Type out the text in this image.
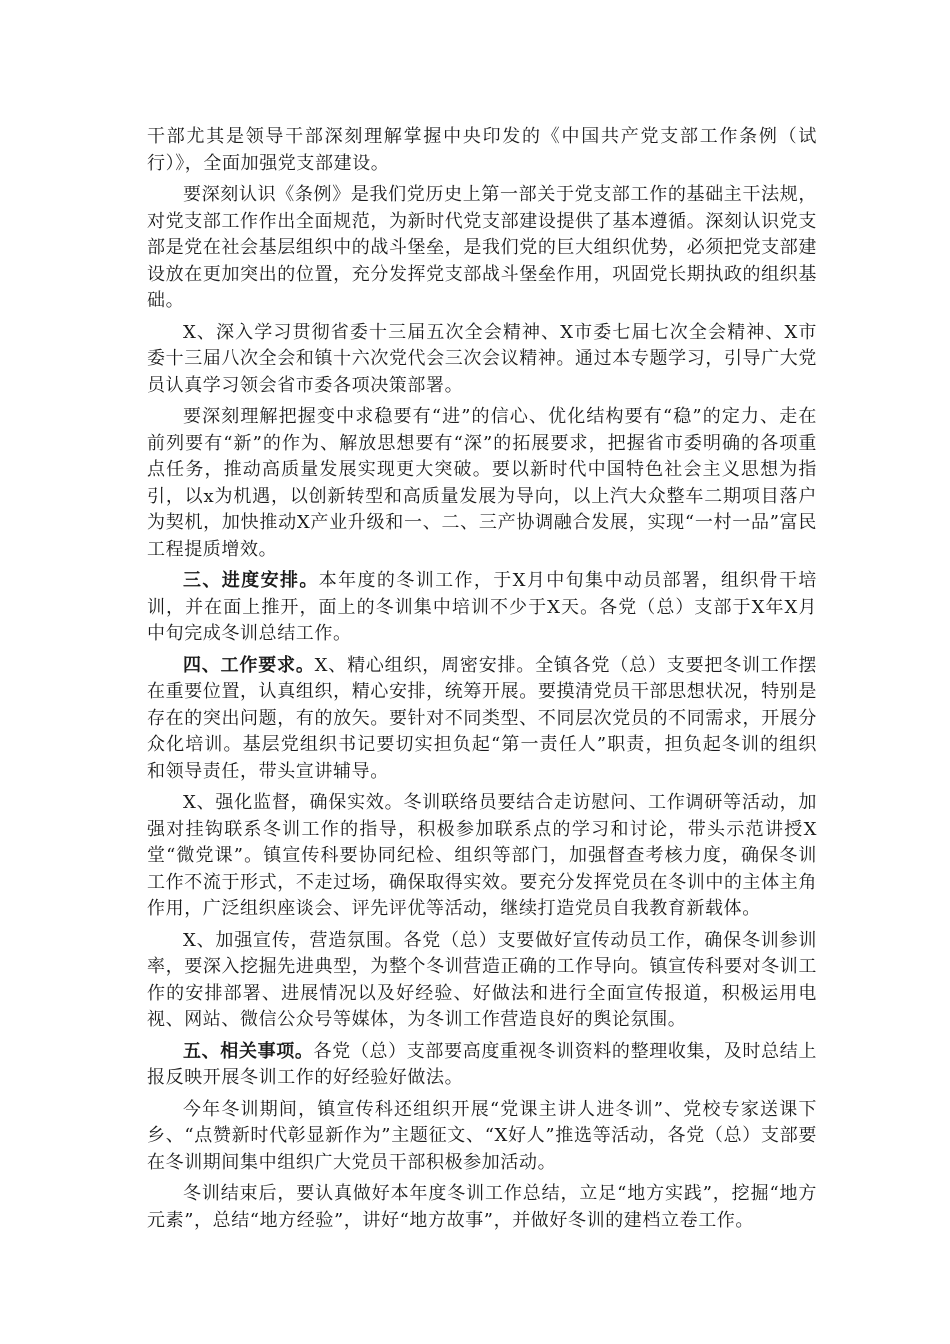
干部尤其是领导干部深刻理解掌握中央印发的《中国共产党支部工作条例（试行）》，全面加强党支部建设。

要深刻认识《条例》是我们党历史上第一部关于党支部工作的基础主干法规，对党支部工作作出全面规范，为新时代党支部建设提供了基本遵循。深刻认识党支部是党在社会基层组织中的战斗堡垒，是我们党的巨大组织优势，必须把党支部建设放在更加突出的位置，充分发挥党支部战斗堡垒作用，巩固党长期执政的组织基础。

X、深入学习贯彻省委十三届五次全会精神、X市委七届七次全会精神、X市委十三届八次全会和镇十六次党代会三次会议精神。通过本专题学习，引导广大党员认真学习领会省市委各项决策部署。

要深刻理解把握变中求稳要有“进”的信心、优化结构要有“稳”的定力、走在前列要有“新”的作为、解放思想要有“深”的拓展要求，把握省市委明确的各项重点任务，推动高质量发展实现更大突破。要以新时代中国特色社会主义思想为指引，以x为机遇，以创新转型和高质量发展为导向，以上汽大众整车二期项目落户为契机，加快推动X产业升级和一、二、三产协调融合发展，实现“一村一品”富民工程提质增效。

三、进度安排。本年度的冬训工作，于X月中旬集中动员部署，组织骨干培训，并在面上推开，面上的冬训集中培训不少于X天。各党（总）支部于X年X月中旬完成冬训总结工作。

四、工作要求。X、精心组织，周密安排。全镇各党（总）支要把冬训工作摆在重要位置，认真组织，精心安排，统筹开展。要摸清党员干部思想状况，特别是存在的突出问题，有的放矢。要针对不同类型、不同层次党员的不同需求，开展分众化培训。基层党组织书记要切实担负起“第一责任人”职责，担负起冬训的组织和领导责任，带头宣讲辅导。

X、强化监督，确保实效。冬训联络员要结合走访慰问、工作调研等活动，加强对挂钩联系冬训工作的指导，积极参加联系点的学习和讨论，带头示范讲授X堂“微党课”。镇宣传科要协同纪检、组织等部门，加强督查考核力度，确保冬训工作不流于形式，不走过场，确保取得实效。要充分发挥党员在冬训中的主体主角作用，广泛组织座谈会、评先评优等活动，继续打造党员自我教育新载体。

X、加强宣传，营造氛围。各党（总）支要做好宣传动员工作，确保冬训参训率，要深入挖掘先进典型，为整个冬训营造正确的工作导向。镇宣传科要对冬训工作的安排部署、进展情况以及好经验、好做法和进行全面宣传报道，积极运用电视、网站、微信公众号等媒体，为冬训工作营造良好的舆论氛围。

五、相关事项。各党（总）支部要高度重视冬训资料的整理收集，及时总结上报反映开展冬训工作的好经验好做法。

今年冬训期间，镇宣传科还组织开展“党课主讲人进冬训”、党校专家送课下乡、“点赞新时代彰显新作为”主题征文、“X好人”推选等活动，各党（总）支部要在冬训期间集中组织广大党员干部积极参加活动。

冬训结束后，要认真做好本年度冬训工作总结，立足“地方实践”，挖掘“地方元素”，总结“地方经验”，讲好“地方故事”，并做好冬训的建档立卷工作。
